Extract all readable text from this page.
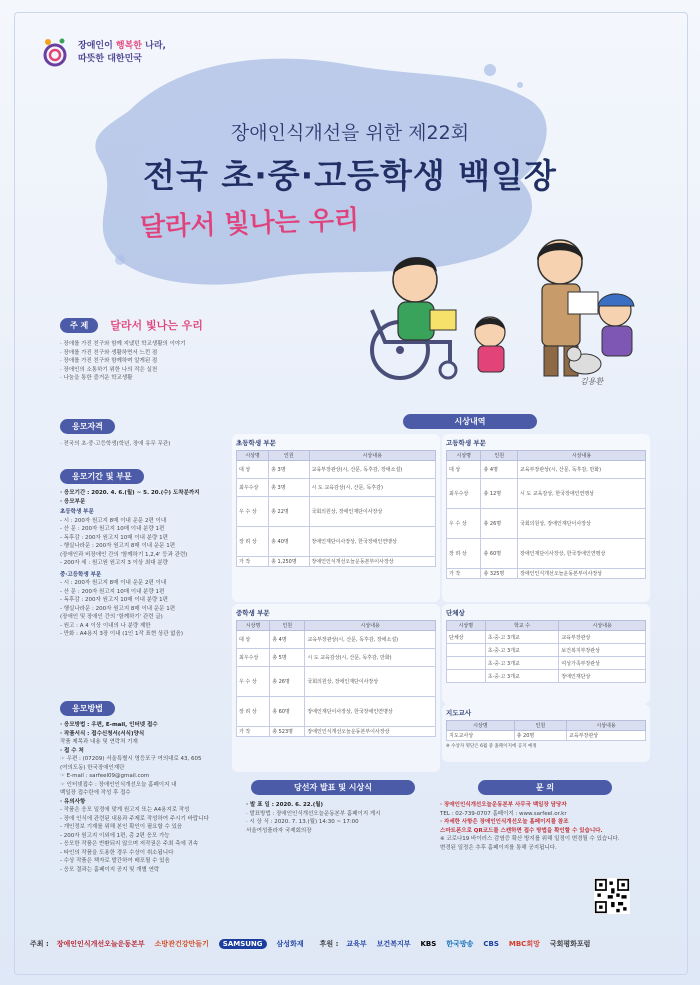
장애인이 행복한 나라,
따뜻한 대한민국
장애인식개선을 위한 제22회
전국 초·중·고등학생 백일장
달라서 빛나는 우리
김용환
주 제	달라서 빛나는 우리
· 장애를 가진 친구와 함께 지냈던 학교생활의 이야기
· 장애를 가진 친구와 생활하면서 느낀 점
· 장애를 가진 친구와 함께하며 알게된 점
· 장애인의 소통하기 위한 나의 작은 실천
· 나눔을 통한 즐거운 학교생활
응모자격
· 전국의 초·중·고등학생(학년, 장애 유무 무관)
응모기간 및 부문
· 응모기간 : 2020. 4. 6.(월) ~ 5. 20.(수) 도착분까지
· 응모부문
초등학생 부문
- 시 : 200자 원고지 8매 이내 운문 2편 이내
- 산 문 : 200자 원고지 10매 이내 분량 1편
- 독후감 : 200자 원고지 10매 이내 분량 1편
- 행실나라문 : 200자 원고지 8매 이내 운문 1편
(장애인과 비장애인 간의 '함께하기 1,2,4' 등과 관련)
- 200자 세 : 원고원 원고지 3 이상 최대 분량
중·고등학생 부문
- 시 : 200자 원고지 8매 이내 운문 2편 이내
- 산 문 : 200자 원고지 10매 이내 분량 1편
- 독후감 : 200자 원고지 10매 이내 분량 1편
- 행실나라문 : 200자 원고지 8매 이내 운문 1편
(장애인 및 장애인 간의 '함께하기' 관련 글)
- 원고 : A 4 이상 이내의 나 분량 제한
- 만화 : A4용지 3장 이내 (1인 1작 표현 상관 없음)
응모방법
· 응모방법 : 우편, E-mail, 인터넷 접수
· 작품서식 : 접수신청서(서식)양식
작품 제목과 내용 및 연락처 기재
· 접 수 처
☞ 우편 : (07209) 서울특별시 영등포구 여의대로 43, 605
(여의도동) 한국장애인재단
☞ E-mail : sarfeel09@gmail.com
☞ 인터넷접수 : 장애인인식개선오늘 홈페이지 내
백일장 접수란에 작성 후 접수
· 유의사항
- 작품은 응모 일정에 맞게 원고지 또는 A4용지로 작성
- 장애 인식에 관련된 내용과 주제로 작성하여 주시기 바랍니다
- 개인정보 기재를 위해 본인 확인이 필요할 수 있음
- 200자 원고지 이외에 1편, 총 2편 응모 가능
- 응모한 작품은 반환되지 않으며 저작권은 주최 측에 귀속
- 타인의 작품을 도용한 경우 수상이 취소됩니다
- 수상 작품은 책자로 발간하여 배포될 수 있음
- 응모 결과는 홈페이지 공지 및 개별 연락
시상내역
초등학생 부문
시상명	인원	시상내용
대 상	총 3명	교육부장관상(시, 산문, 독후감, 장애소설)
최우수상	총 3명	시 도 교육감상(시, 산문, 독후감)
우 수 상	총 22명	국회의원상, 장애인재단이사장상
장 려 상	총 40명	장애인재단이사장상, 한국장애인연맹상
가 작	총 1,250명	장애인인식개선오늘운동본부이사장상
중학생 부문
시상명	인원	시상내용
대 상	총 4명	교육부장관상(시, 산문, 독후감, 장애소설)
최우수상	총 5명	시 도 교육감상(시, 산문, 독후감, 만화)
우 수 상	총 26명	국회의원상, 장애인재단이사장상
장 려 상	총 60명	장애인재단이사장상, 한국장애인연맹상
가 작	총 523명	장애인인식개선오늘운동본부이사장상
고등학생 부문
시상명	인원	시상내용
대 상	총 4명	교육부장관상(시, 산문, 독후감, 만화)
최우수상	총 12명	시 도 교육감상, 한국장애인연맹상
우 수 상	총 26명	국회의원상, 장애인재단이사장상
장 려 상	총 60명	장애인재단이사장상, 한국장애인연맹상
가 작	총 325명	장애인인식개선오늘운동본부이사장상
단체상
시상명	학교 수	시상내용
단체상	초·중·고 3개교	교육부장관상
	초·중·고 3개교	보건복지부장관상
	초·중·고 3개교	여성가족부장관상
	초·중·고 3개교	장애인재단상
지도교사
시상명	인원	시상내용
지도교사상	총 20명	교육부장관상
※ 수상자 명단은 6월 중 홈페이지에 공지 예정
당선자 발표 및 시상식
· 발 표 일 : 2020. 6. 22.(월)
· 발표방법 : 장애인인식개선오늘운동본부 홈페이지 게시
· 시 상 식 : 2020. 7. 13.(월) 14:30 ~ 17:00
서울여성플라자 국제회의장
문 의
· 장애인인식개선오늘운동본부 사무국 백일장 담당자
TEL : 02-739-0707 홈페이지 : www.sarfeel.or.kr
· 자세한 사항은 장애인인식개선오늘 홈페이지를 참조
스마트폰으로 QR코드를 스캔하면 접수 방법을 확인할 수 있습니다.
※ 코로나19 바이러스 감염증 확산 방지를 위해 일정이 변경될 수 있습니다.
변경된 일정은 추후 홈페이지를 통해 공지됩니다.
주최 : 장애인인식개선오늘운동본부 소방관건강만들기	SAMSUNG	삼성화재 후원 : 교육부 보건복지부 KBS 한국방송 CBS MBC희망 국회평화포럼
